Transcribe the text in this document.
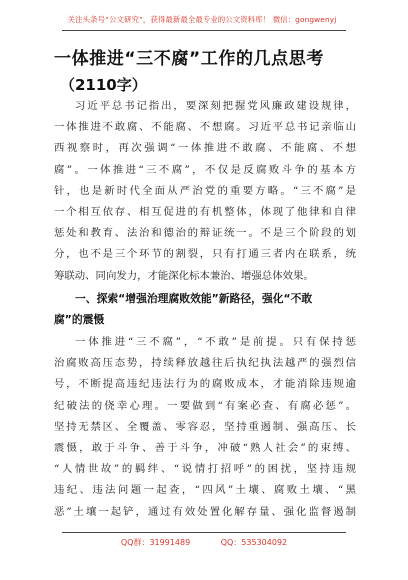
关注头条号“公文研究”，获得最新最全最专业的公文资料库！ 微信：gongwenyj
一体推进“三不腐”工作的几点思考
（2110字）
习近平总书记指出，要深刻把握党风廉政建设规律，
一体推进不敢腐、不能腐、不想腐。习近平总书记亲临山
西视察时，再次强调“一体推进不敢腐、不能腐、不想
腐”。一体推进“三不腐”，不仅是反腐败斗争的基本方
针，也是新时代全面从严治党的重要方略。“三不腐”是
一个相互依存、相互促进的有机整体，体现了他律和自律
惩处和教育、法治和德治的辩证统一。不是三个阶段的划
分，也不是三个环节的割裂，只有打通三者内在联系，统
筹联动、同向发力，才能深化标本兼治、增强总体效果。
一、探索“增强治理腐败效能”新路径，强化“不敢
腐”的震慑
一体推进“三不腐”，“不敢”是前提。只有保持惩
治腐败高压态势，持续释放越往后执纪执法越严的强烈信
号，不断提高违纪违法行为的腐败成本，才能消除违规逾
纪破法的侥幸心理。一要做到“有案必查、有腐必惩”。
坚持无禁区、全覆盖、零容忍，坚持重遏制、强高压、长
震慑，敢于斗争、善于斗争，冲破“熟人社会”的束缚、
“人情世故”的羁绊、“说情打招呼”的困扰，坚持违规
违纪、违法问题一起查，“四风”土壤、腐败土壤、“黑
恶”土壤一起铲，通过有效处置化解存量、强化监督遏制
QQ群：31991489	QQ：535304092
